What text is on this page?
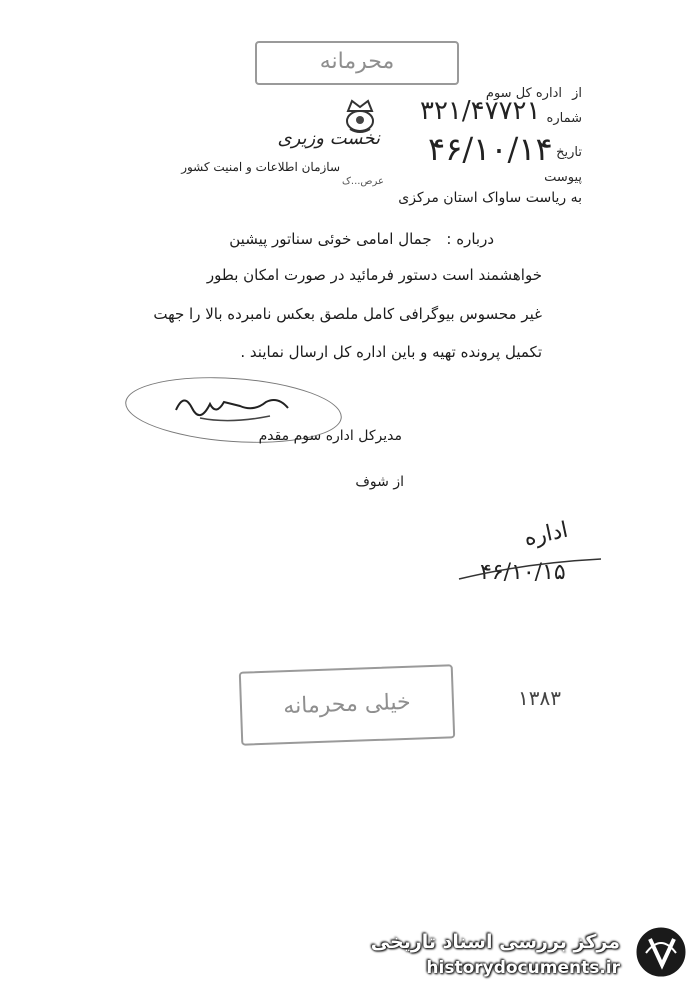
محرمانه
نخست وزیری
سازمان اطلاعات و امنیت کشور
عرص...ک
از اداره کل سوم
شماره
تاریخ
پیوست
۳۲۱/۴۷۷۲۱
۴۶/۱۰/۱۴
به ریاست ساواک استان مرکزی
درباره : جمال امامی خوئی سناتور پیشین
خواهشمند است دستور فرمائید در صورت امکان بطور
غیر محسوس بیوگرافی کامل ملصق بعکس نامبرده بالا را جهت
تکمیل پرونده تهیه و باین اداره کل ارسال نمایند .
مدیرکل اداره سوم مقدم
از شوف
اداره
۴۶/۱۰/۱۵
خیلی محرمانه	۱۳۸۳
مرکز بررسی اسناد تاریخی
historydocuments.ir
